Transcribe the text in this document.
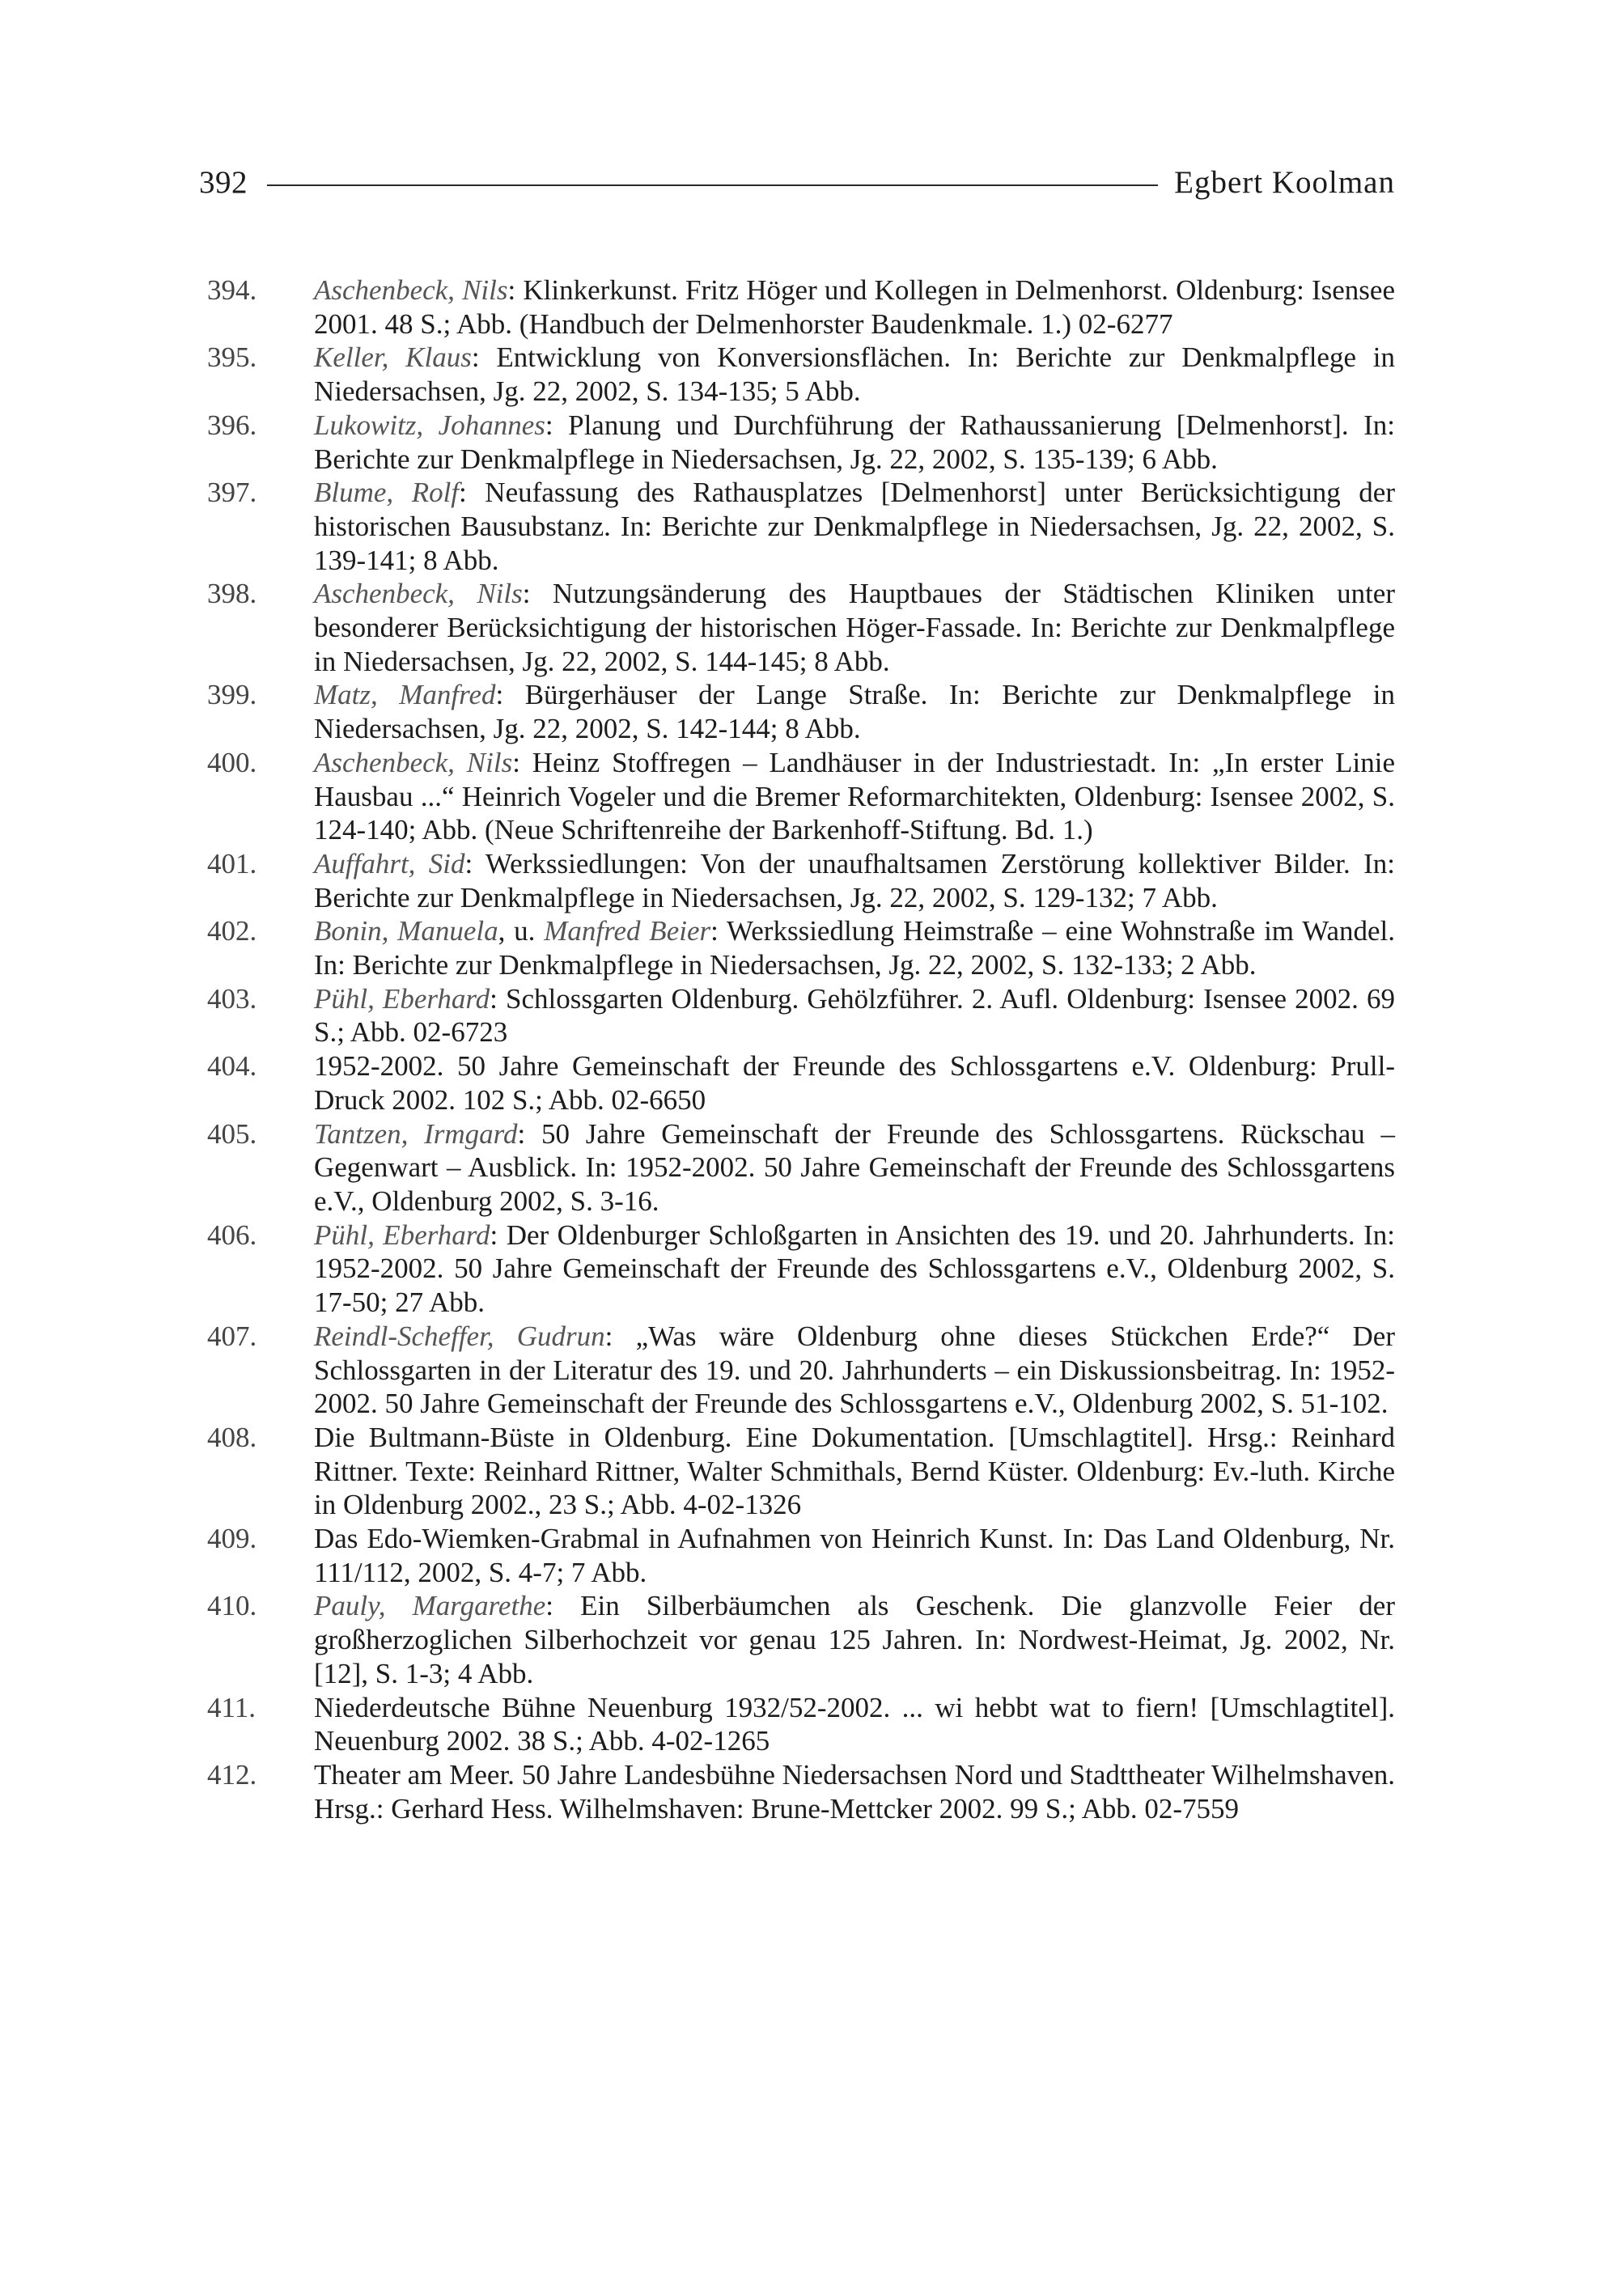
392	Egbert Koolman
394.	Aschenbeck, Nils: Klinkerkunst. Fritz Höger und Kollegen in Delmenhorst. Oldenburg: Isensee 2001. 48 S.; Abb. (Handbuch der Delmenhorster Baudenkmale. 1.) 02-6277
395.	Keller, Klaus: Entwicklung von Konversionsflächen. In: Berichte zur Denkmalpflege in Niedersachsen, Jg. 22, 2002, S. 134-135; 5 Abb.
396.	Lukowitz, Johannes: Planung und Durchführung der Rathaussanierung [Delmenhorst]. In: Berichte zur Denkmalpflege in Niedersachsen, Jg. 22, 2002, S. 135-139; 6 Abb.
397.	Blume, Rolf: Neufassung des Rathausplatzes [Delmenhorst] unter Berücksichtigung der historischen Bausubstanz. In: Berichte zur Denkmalpflege in Niedersachsen, Jg. 22, 2002, S. 139-141; 8 Abb.
398.	Aschenbeck, Nils: Nutzungsänderung des Hauptbaues der Städtischen Kliniken unter besonderer Berücksichtigung der historischen Höger-Fassade. In: Berichte zur Denkmalpflege in Niedersachsen, Jg. 22, 2002, S. 144-145; 8 Abb.
399.	Matz, Manfred: Bürgerhäuser der Lange Straße. In: Berichte zur Denkmalpflege in Niedersachsen, Jg. 22, 2002, S. 142-144; 8 Abb.
400.	Aschenbeck, Nils: Heinz Stoffregen – Landhäuser in der Industriestadt. In: „In erster Linie Hausbau ...“ Heinrich Vogeler und die Bremer Reformarchitekten, Oldenburg: Isensee 2002, S. 124-140; Abb. (Neue Schriftenreihe der Barkenhoff-Stiftung. Bd. 1.)
401.	Auffahrt, Sid: Werkssiedlungen: Von der unaufhaltsamen Zerstörung kollektiver Bilder. In: Berichte zur Denkmalpflege in Niedersachsen, Jg. 22, 2002, S. 129-132; 7 Abb.
402.	Bonin, Manuela, u. Manfred Beier: Werkssiedlung Heimstraße – eine Wohnstraße im Wandel. In: Berichte zur Denkmalpflege in Niedersachsen, Jg. 22, 2002, S. 132-133; 2 Abb.
403.	Pühl, Eberhard: Schlossgarten Oldenburg. Gehölzführer. 2. Aufl. Oldenburg: Isensee 2002. 69 S.; Abb. 02-6723
404.	1952-2002. 50 Jahre Gemeinschaft der Freunde des Schlossgartens e.V. Oldenburg: Prull-Druck 2002. 102 S.; Abb. 02-6650
405.	Tantzen, Irmgard: 50 Jahre Gemeinschaft der Freunde des Schlossgartens. Rückschau – Gegenwart – Ausblick. In: 1952-2002. 50 Jahre Gemeinschaft der Freunde des Schlossgartens e.V., Oldenburg 2002, S. 3-16.
406.	Pühl, Eberhard: Der Oldenburger Schloßgarten in Ansichten des 19. und 20. Jahrhunderts. In: 1952-2002. 50 Jahre Gemeinschaft der Freunde des Schlossgartens e.V., Oldenburg 2002, S. 17-50; 27 Abb.
407.	Reindl-Scheffer, Gudrun: „Was wäre Oldenburg ohne dieses Stückchen Erde?“ Der Schlossgarten in der Literatur des 19. und 20. Jahrhunderts – ein Diskussionsbeitrag. In: 1952-2002. 50 Jahre Gemeinschaft der Freunde des Schlossgartens e.V., Oldenburg 2002, S. 51-102.
408.	Die Bultmann-Büste in Oldenburg. Eine Dokumentation. [Umschlagtitel]. Hrsg.: Reinhard Rittner. Texte: Reinhard Rittner, Walter Schmithals, Bernd Küster. Oldenburg: Ev.-luth. Kirche in Oldenburg 2002., 23 S.; Abb. 4-02-1326
409.	Das Edo-Wiemken-Grabmal in Aufnahmen von Heinrich Kunst. In: Das Land Oldenburg, Nr. 111/112, 2002, S. 4-7; 7 Abb.
410.	Pauly, Margarethe: Ein Silberbäumchen als Geschenk. Die glanzvolle Feier der großherzoglichen Silberhochzeit vor genau 125 Jahren. In: Nordwest-Heimat, Jg. 2002, Nr. [12], S. 1-3; 4 Abb.
411.	Niederdeutsche Bühne Neuenburg 1932/52-2002. ... wi hebbt wat to fiern! [Umschlagtitel]. Neuenburg 2002. 38 S.; Abb. 4-02-1265
412.	Theater am Meer. 50 Jahre Landesbühne Niedersachsen Nord und Stadttheater Wilhelmshaven. Hrsg.: Gerhard Hess. Wilhelmshaven: Brune-Mettcker 2002. 99 S.; Abb. 02-7559
